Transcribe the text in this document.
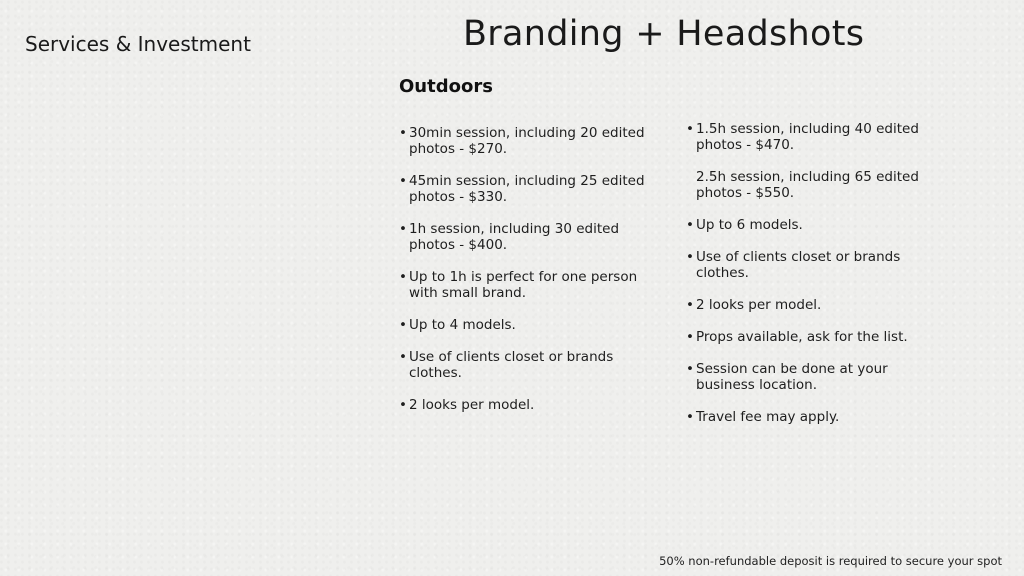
Services & Investment	Branding + Headshots
Outdoors
• 30min session, including 20 edited photos - $270.
• 45min session, including 25 edited photos - $330.
• 1h session, including 30 edited photos - $400.
• Up to 1h is perfect for one person with small brand.
• Up to 4 models.
• Use of clients closet or brands clothes.
• 2 looks per model.
• 1.5h session, including 40 edited photos - $470.
2.5h session, including 65 edited photos - $550.
• Up to 6 models.
• Use of clients closet or brands clothes.
• 2 looks per model.
• Props available, ask for the list.
• Session can be done at your business location.
• Travel fee may apply.

50% non-refundable deposit is required to secure your spot
